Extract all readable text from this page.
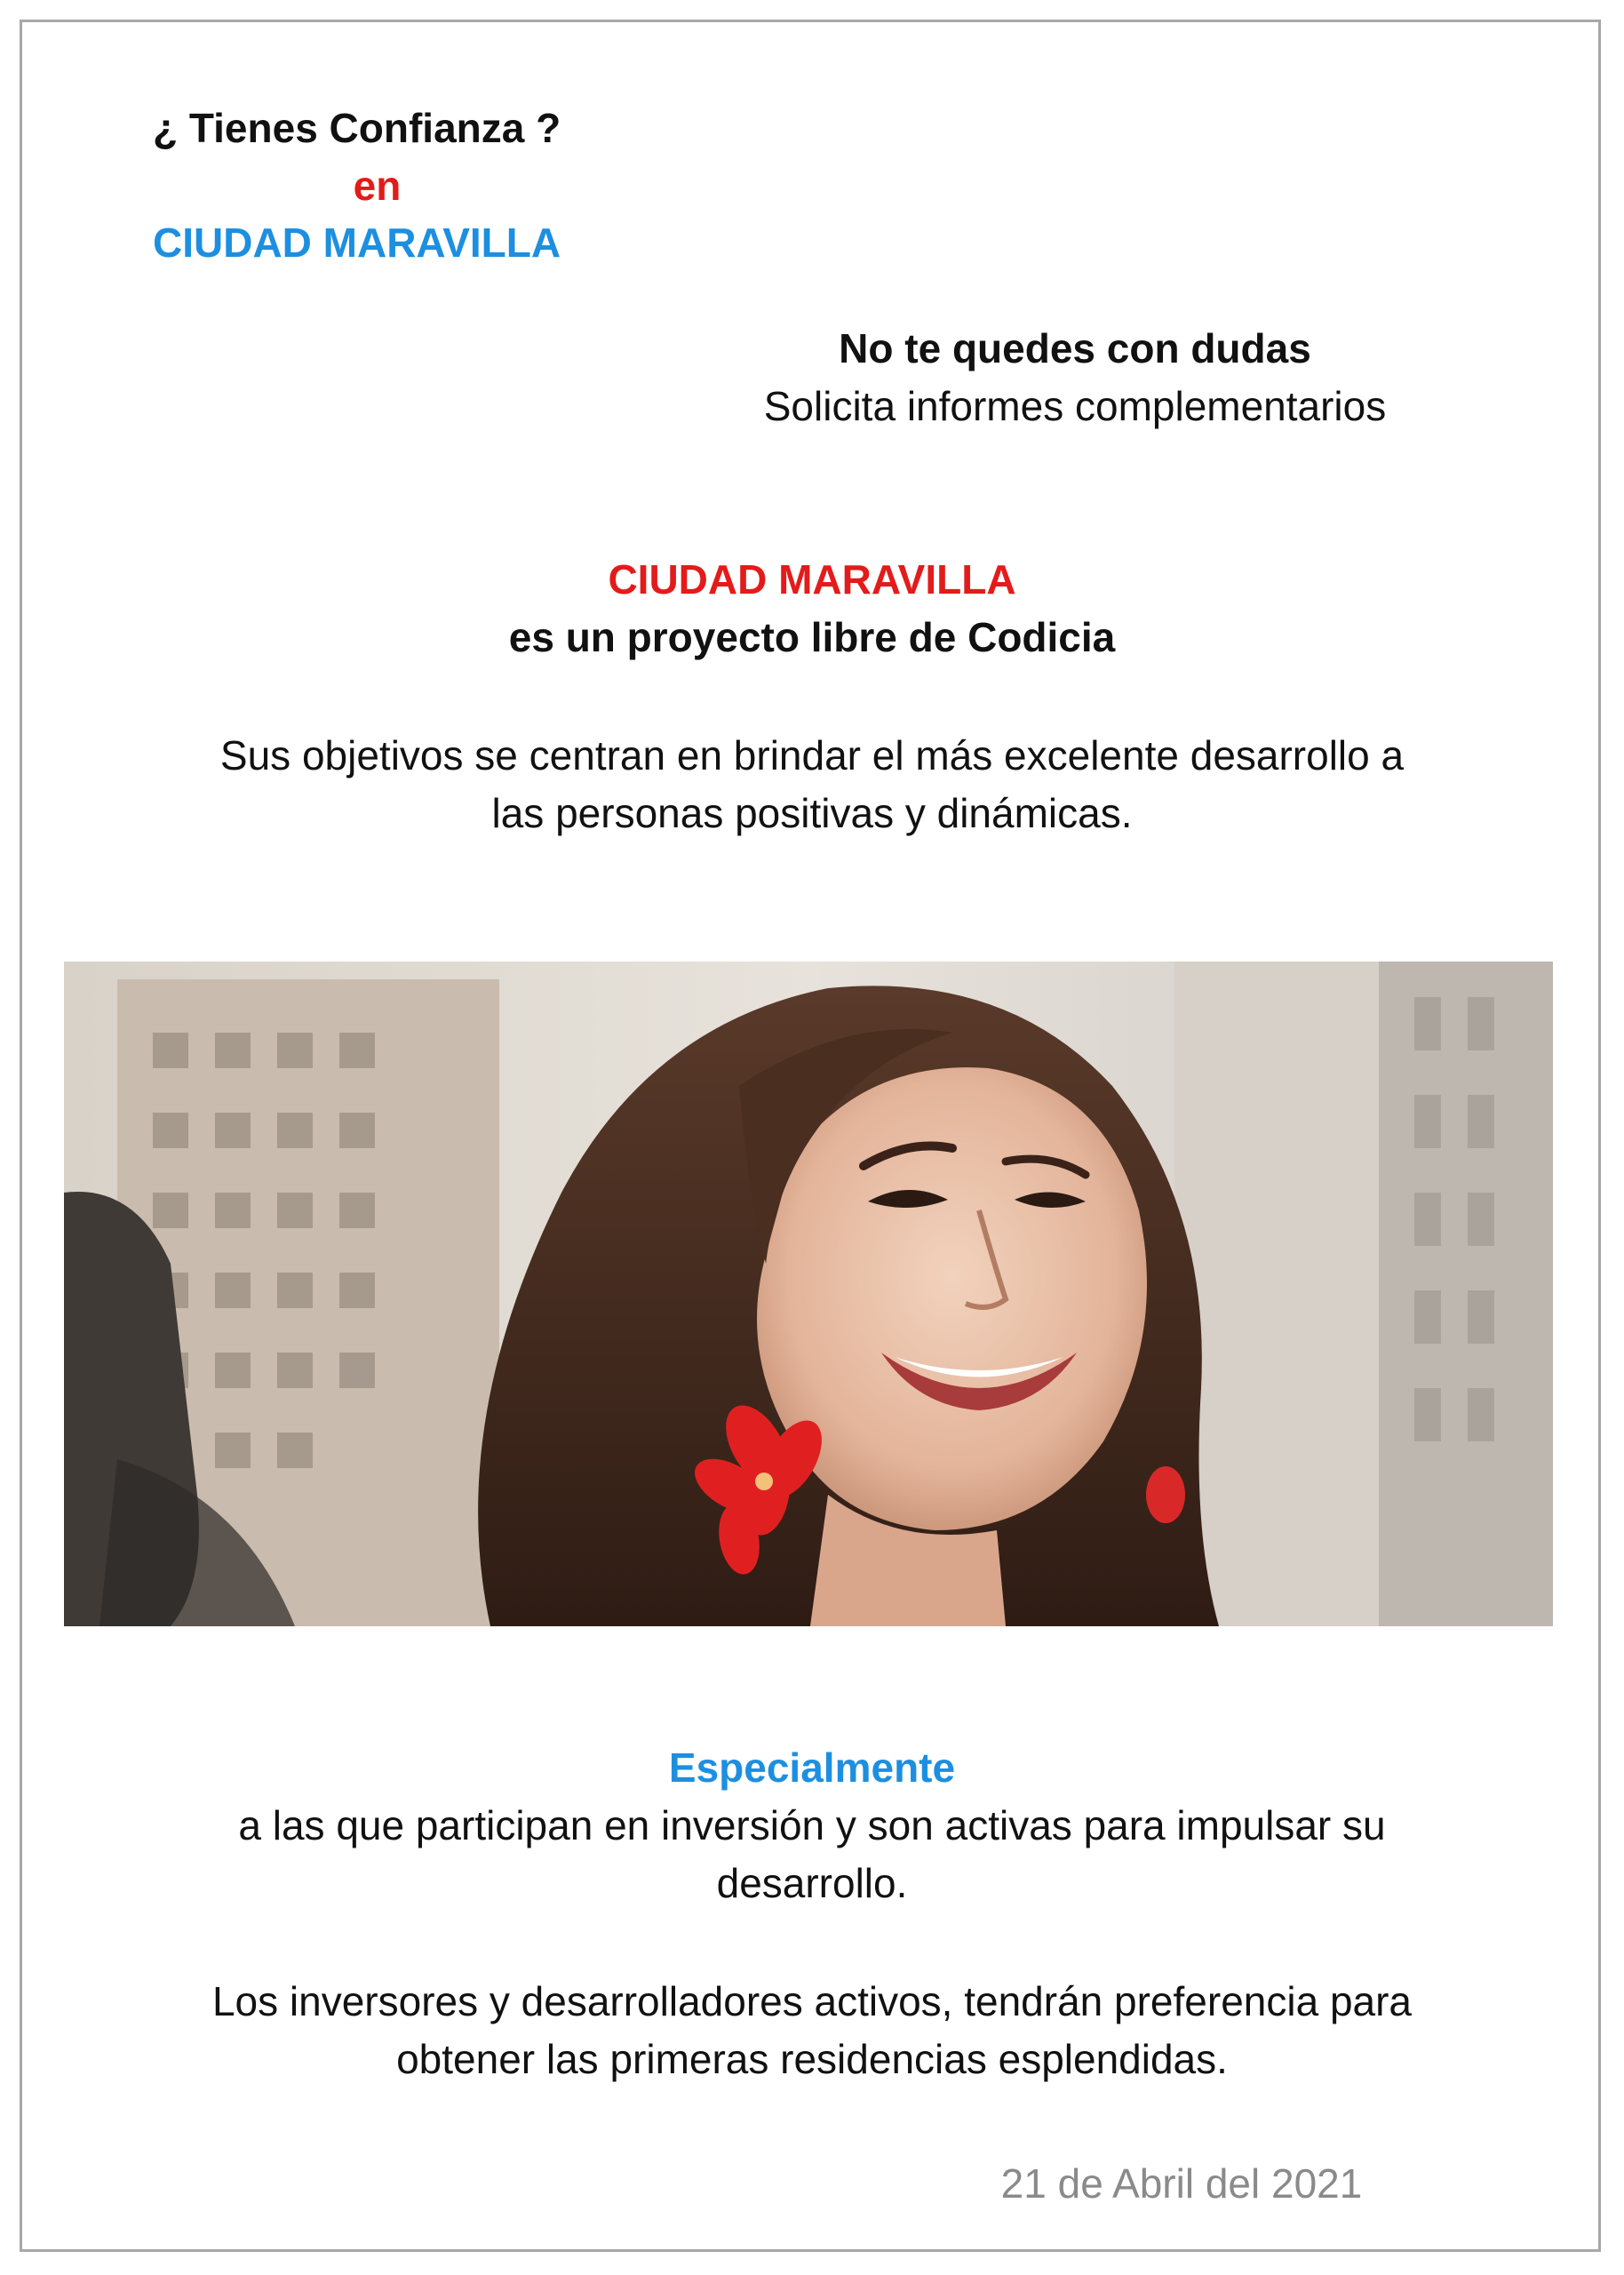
¿ Tienes Confianza ?

en

CIUDAD MARAVILLA

No te quedes con dudas

Solicita informes complementarios

CIUDAD MARAVILLA

es un proyecto libre de Codicia

Sus objetivos se centran en brindar el más excelente desarrollo a

las personas positivas y dinámicas.

Especialmente

a las que participan en inversión y son activas para impulsar su

desarrollo.

Los inversores y desarrolladores activos, tendrán preferencia para

obtener las primeras residencias esplendidas.

21 de Abril del 2021
